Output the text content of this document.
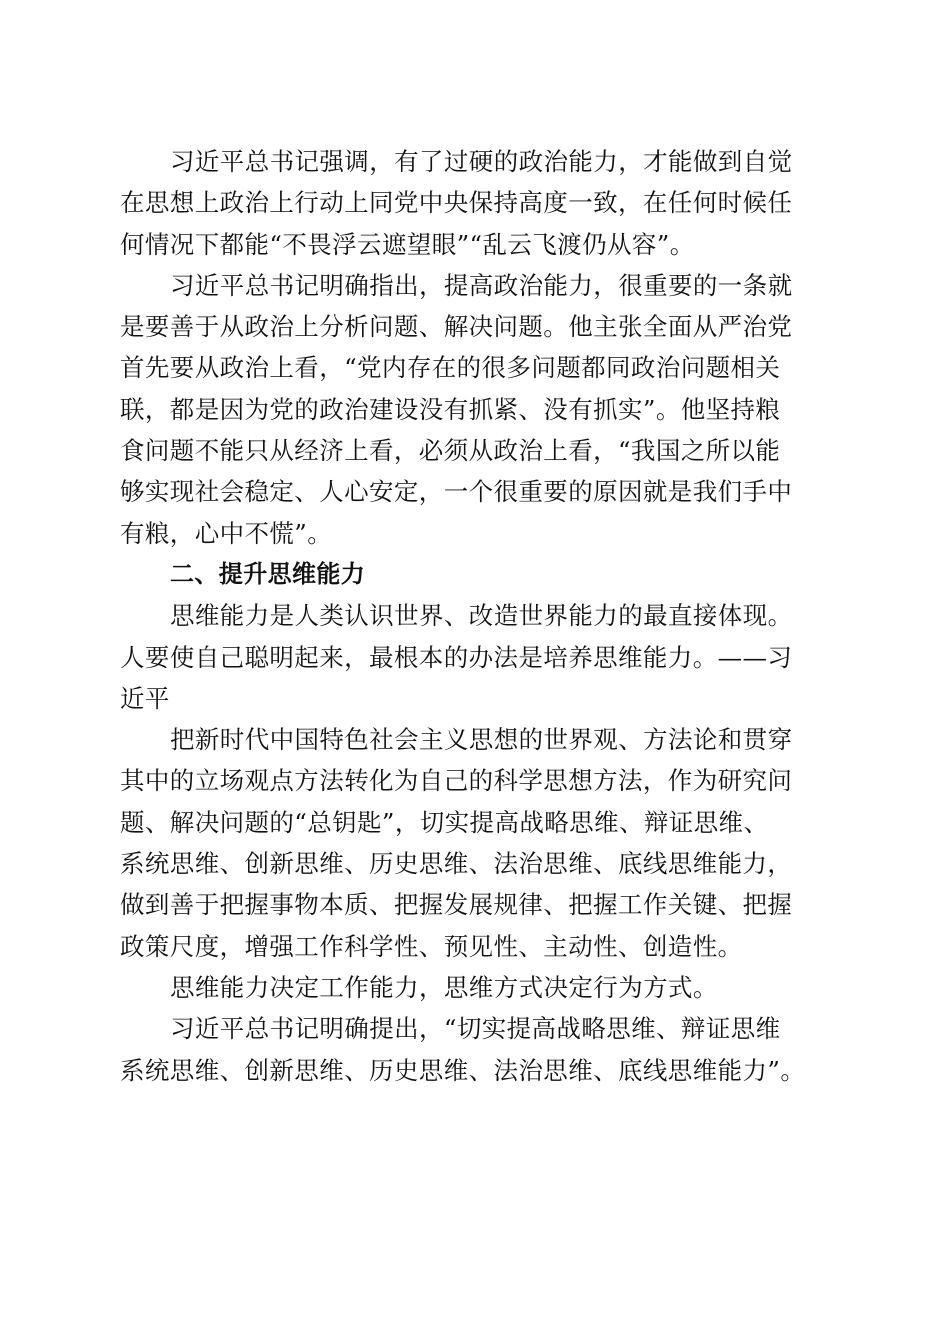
习近平总书记强调，有了过硬的政治能力，才能做到自觉
在思想上政治上行动上同党中央保持高度一致，在任何时候任
何情况下都能“不畏浮云遮望眼”“乱云飞渡仍从容”。
习近平总书记明确指出，提高政治能力，很重要的一条就
是要善于从政治上分析问题、解决问题。他主张全面从严治党
首先要从政治上看，“党内存在的很多问题都同政治问题相关
联，都是因为党的政治建设没有抓紧、没有抓实”。他坚持粮
食问题不能只从经济上看，必须从政治上看，“我国之所以能
够实现社会稳定、人心安定，一个很重要的原因就是我们手中
有粮，心中不慌”。
二、提升思维能力
思维能力是人类认识世界、改造世界能力的最直接体现。
人要使自己聪明起来，最根本的办法是培养思维能力。——习
近平
把新时代中国特色社会主义思想的世界观、方法论和贯穿
其中的立场观点方法转化为自己的科学思想方法，作为研究问
题、解决问题的“总钥匙”，切实提高战略思维、辩证思维、
系统思维、创新思维、历史思维、法治思维、底线思维能力，
做到善于把握事物本质、把握发展规律、把握工作关键、把握
政策尺度，增强工作科学性、预见性、主动性、创造性。
思维能力决定工作能力，思维方式决定行为方式。
习近平总书记明确提出，“切实提高战略思维、辩证思维
系统思维、创新思维、历史思维、法治思维、底线思维能力”。
